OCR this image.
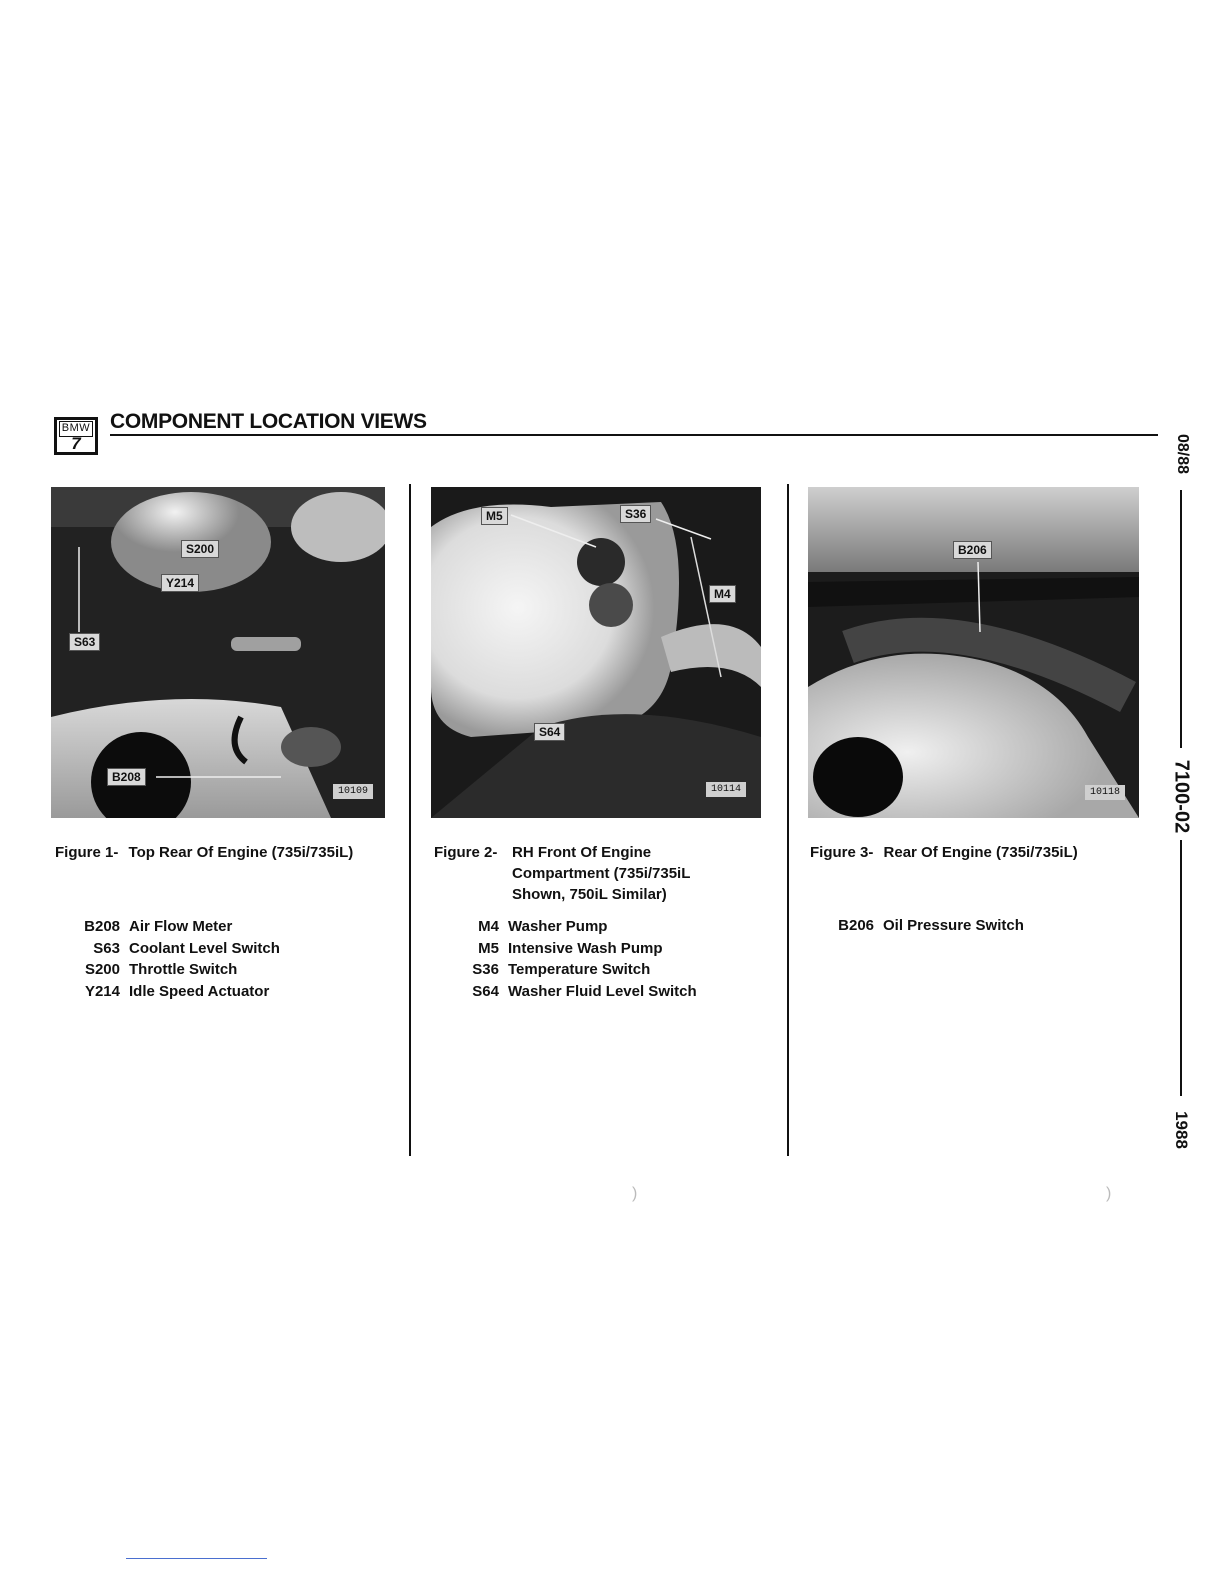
BMW
7
COMPONENT LOCATION VIEWS
S200
Y214
S63
B208
10109
M5	S36
M4
S64
10114
B206
10118
Figure 1- Top Rear Of Engine (735i/735iL)	Figure 2- RH Front Of Engine
Compartment (735i/735iL
Shown, 750iL Similar)
Figure 3- Rear Of Engine (735i/735iL)
B208 Air Flow Meter
S63 Coolant Level Switch
S200 Throttle Switch
Y214 Idle Speed Actuator
M4 Washer Pump
M5 Intensive Wash Pump
S36 Temperature Switch
S64 Washer Fluid Level Switch
B206 Oil Pressure Switch
08/88
7100-02
1988
)	)
